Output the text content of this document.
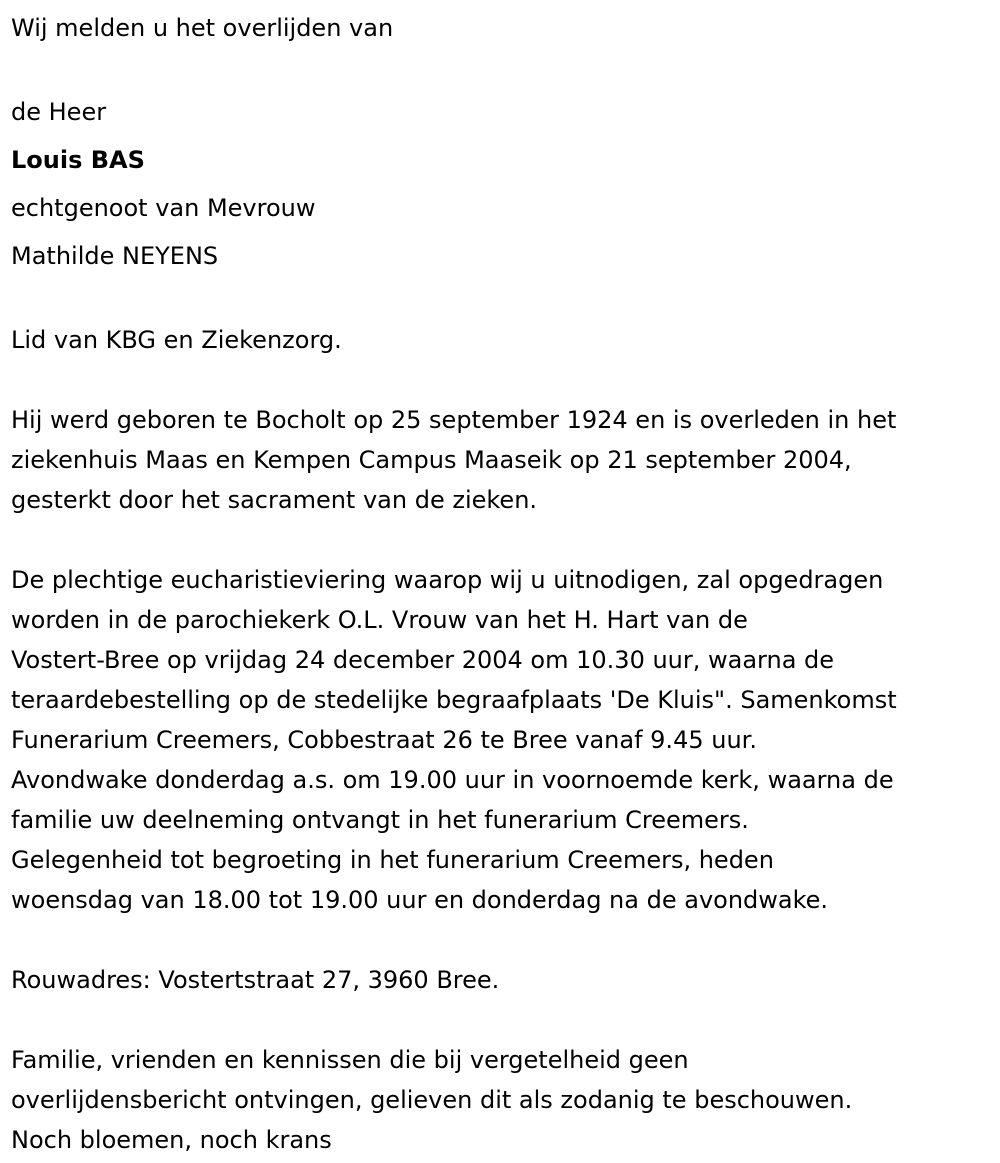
Wij melden u het overlijden van
de Heer
Louis BAS
echtgenoot van Mevrouw
Mathilde NEYENS
Lid van KBG en Ziekenzorg.
Hij werd geboren te Bocholt op 25 september 1924 en is overleden in het
ziekenhuis Maas en Kempen Campus Maaseik op 21 september 2004,
gesterkt door het sacrament van de zieken.
De plechtige eucharistieviering waarop wij u uitnodigen, zal opgedragen
worden in de parochiekerk O.L. Vrouw van het H. Hart van de
Vostert-Bree op vrijdag 24 december 2004 om 10.30 uur, waarna de
teraardebestelling op de stedelijke begraafplaats 'De Kluis". Samenkomst
Funerarium Creemers, Cobbestraat 26 te Bree vanaf 9.45 uur.
Avondwake donderdag a.s. om 19.00 uur in voornoemde kerk, waarna de
familie uw deelneming ontvangt in het funerarium Creemers.
Gelegenheid tot begroeting in het funerarium Creemers, heden
woensdag van 18.00 tot 19.00 uur en donderdag na de avondwake.
Rouwadres: Vostertstraat 27, 3960 Bree.
Familie, vrienden en kennissen die bij vergetelheid geen
overlijdensbericht ontvingen, gelieven dit als zodanig te beschouwen.
Noch bloemen, noch krans
